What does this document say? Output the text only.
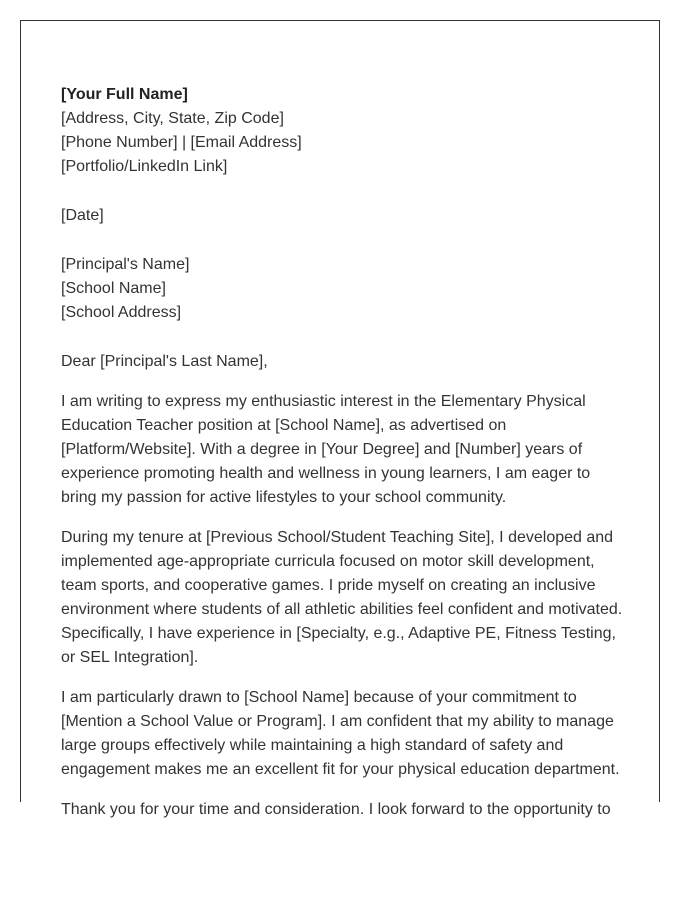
[Your Full Name]
[Address, City, State, Zip Code]
[Phone Number] | [Email Address]
[Portfolio/LinkedIn Link]
[Date]
[Principal's Name]
[School Name]
[School Address]

Dear [Principal's Last Name],

I am writing to express my enthusiastic interest in the Elementary Physical Education Teacher position at [School Name], as advertised on [Platform/Website]. With a degree in [Your Degree] and [Number] years of experience promoting health and wellness in young learners, I am eager to bring my passion for active lifestyles to your school community.

During my tenure at [Previous School/Student Teaching Site], I developed and implemented age-appropriate curricula focused on motor skill development, team sports, and cooperative games. I pride myself on creating an inclusive environment where students of all athletic abilities feel confident and motivated. Specifically, I have experience in [Specialty, e.g., Adaptive PE, Fitness Testing, or SEL Integration].

I am particularly drawn to [School Name] because of your commitment to [Mention a School Value or Program]. I am confident that my ability to manage large groups effectively while maintaining a high standard of safety and engagement makes me an excellent fit for your physical education department.

Thank you for your time and consideration. I look forward to the opportunity to
